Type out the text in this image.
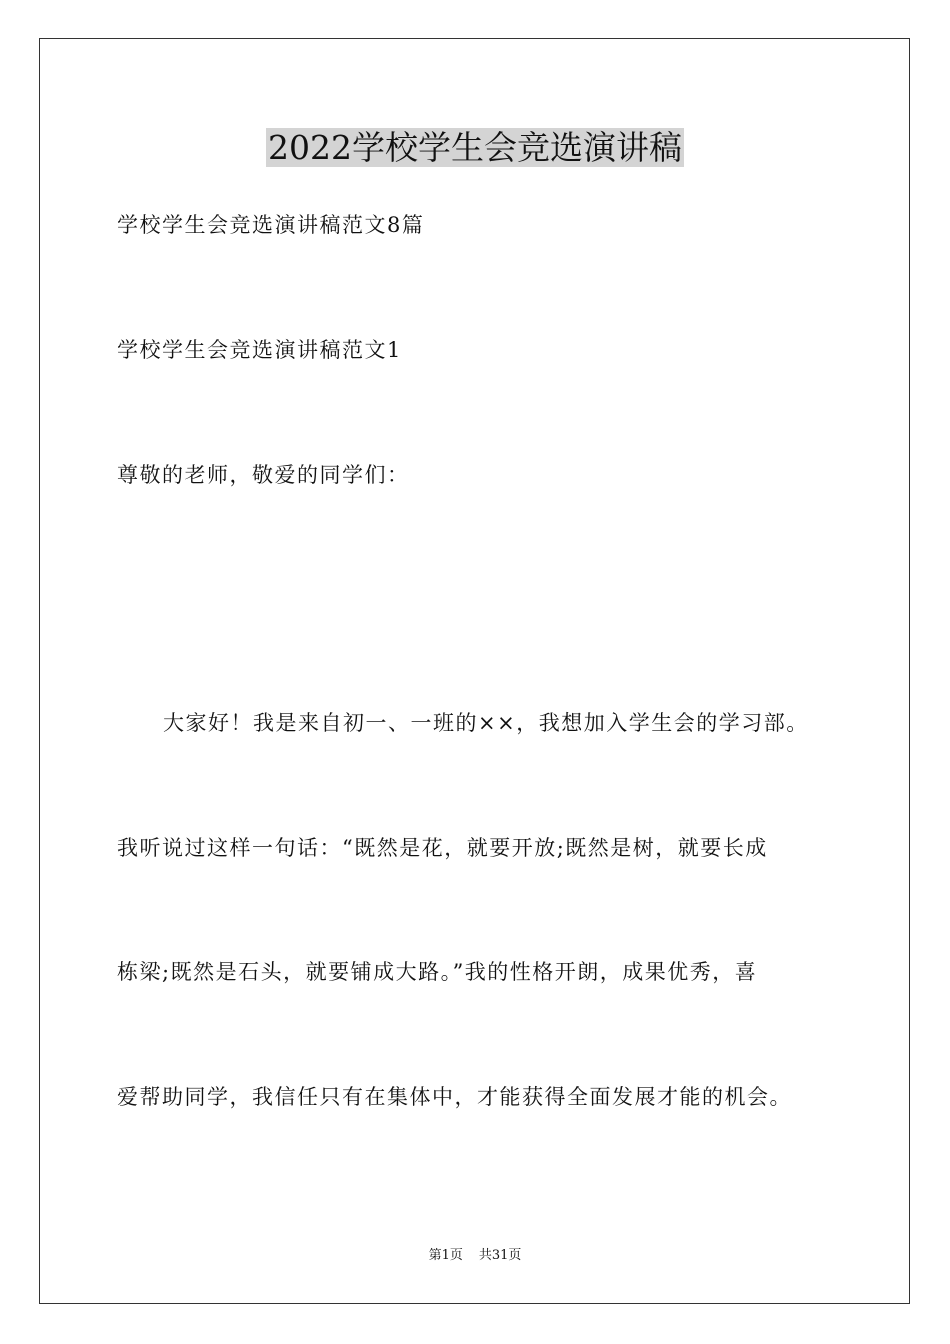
2022学校学生会竞选演讲稿
学校学生会竞选演讲稿范文8篇
学校学生会竞选演讲稿范文1
尊敬的老师，敬爱的同学们：
大家好！我是来自初一、一班的××，我想加入学生会的学习部。
我听说过这样一句话：“既然是花，就要开放;既然是树，就要长成
栋梁;既然是石头，就要铺成大路。”我的性格开朗，成果优秀，喜
爱帮助同学，我信任只有在集体中，才能获得全面发展才能的机会。
第1页 共31页
